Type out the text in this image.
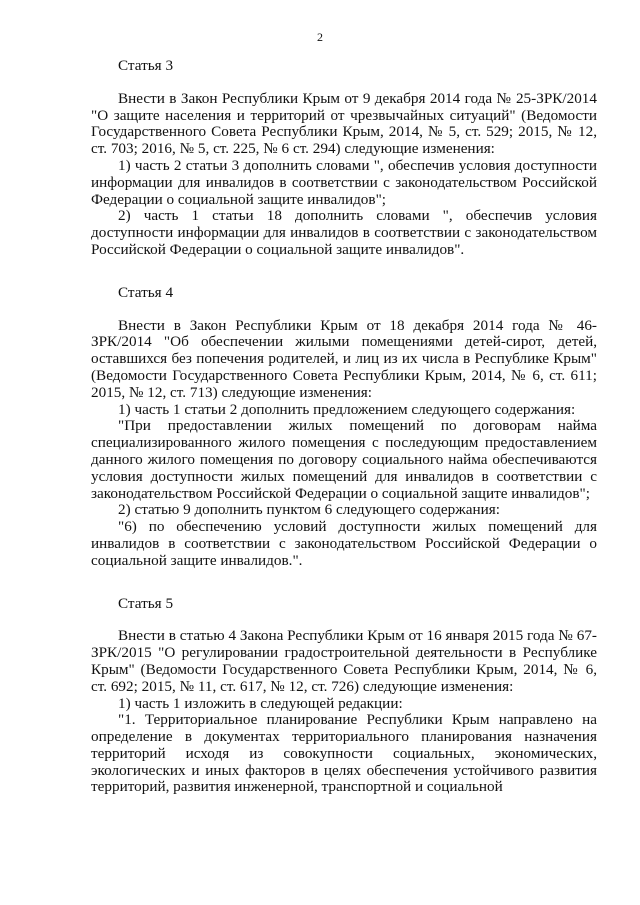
2

Статья 3

Внести в Закон Республики Крым от 9 декабря 2014 года № 25-ЗРК/2014 "О защите населения и территорий от чрезвычайных ситуаций" (Ведомости Государственного Совета Республики Крым, 2014, № 5, ст. 529; 2015, № 12, ст. 703; 2016, № 5, ст. 225, № 6 ст. 294) следующие изменения:

1) часть 2 статьи 3 дополнить словами ", обеспечив условия доступности информации для инвалидов в соответствии с законодательством Российской Федерации о социальной защите инвалидов";

2) часть 1 статьи 18 дополнить словами ", обеспечив условия доступности информации для инвалидов в соответствии с законодательством Российской Федерации о социальной защите инвалидов".

Статья 4

Внести в Закон Республики Крым от 18 декабря 2014 года № 46-ЗРК/2014 "Об обеспечении жилыми помещениями детей-сирот, детей, оставшихся без попечения родителей, и лиц из их числа в Республике Крым" (Ведомости Государственного Совета Республики Крым, 2014, № 6, ст. 611; 2015, № 12, ст. 713) следующие изменения:

1) часть 1 статьи 2 дополнить предложением следующего содержания:

"При предоставлении жилых помещений по договорам найма специализированного жилого помещения с последующим предоставлением данного жилого помещения по договору социального найма обеспечиваются условия доступности жилых помещений для инвалидов в соответствии с законодательством Российской Федерации о социальной защите инвалидов";

2) статью 9 дополнить пунктом 6 следующего содержания:

"6) по обеспечению условий доступности жилых помещений для инвалидов в соответствии с законодательством Российской Федерации о социальной защите инвалидов.".

Статья 5

Внести в статью 4 Закона Республики Крым от 16 января 2015 года № 67-ЗРК/2015 "О регулировании градостроительной деятельности в Республике Крым" (Ведомости Государственного Совета Республики Крым, 2014, № 6, ст. 692; 2015, № 11, ст. 617, № 12, ст. 726) следующие изменения:

1) часть 1 изложить в следующей редакции:

"1. Территориальное планирование Республики Крым направлено на определение в документах территориального планирования назначения территорий исходя из совокупности социальных, экономических, экологических и иных факторов в целях обеспечения устойчивого развития территорий, развития инженерной, транспортной и социальной
